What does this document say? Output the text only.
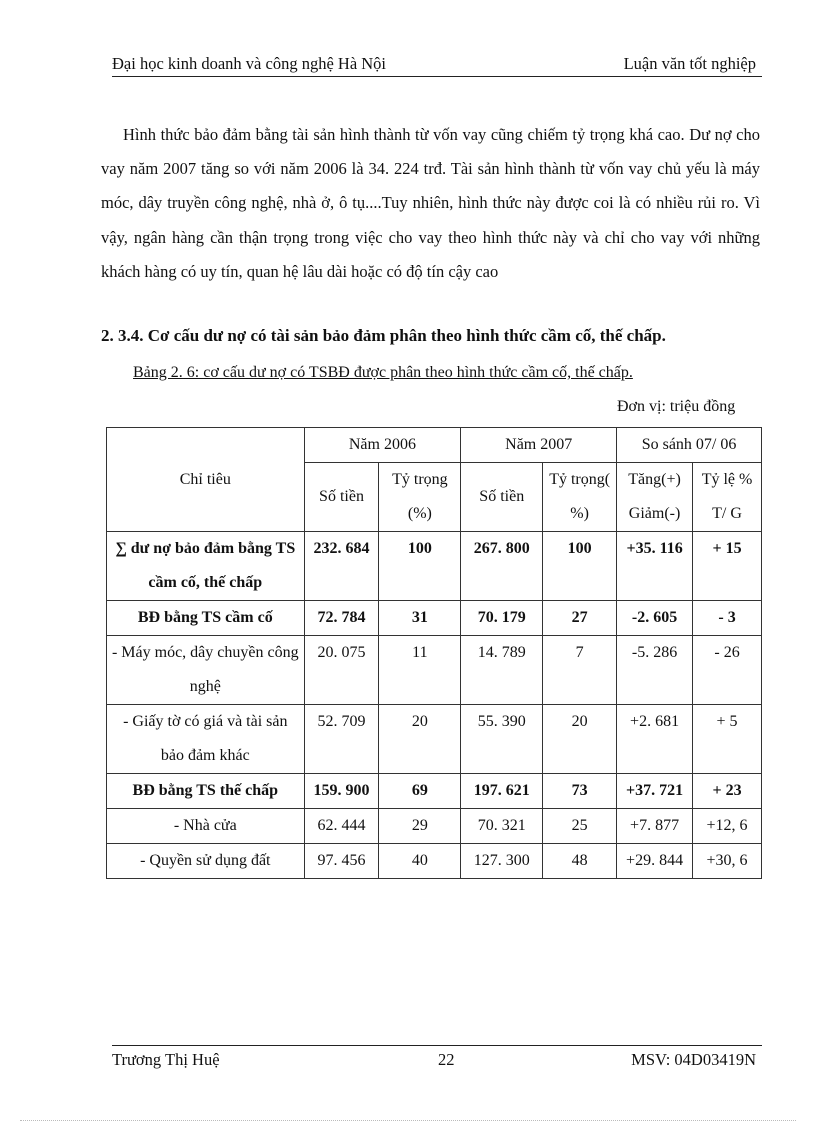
Đại học kinh doanh và công nghệ Hà Nội	Luận văn tốt nghiệp

Hình thức bảo đảm bằng tài sản hình thành từ vốn vay cũng chiếm tỷ trọng khá cao. Dư nợ cho vay năm 2007 tăng so với năm 2006 là 34. 224 trđ. Tài sản hình thành từ vốn vay chủ yếu là máy móc, dây truyền công nghệ, nhà ở, ô tụ....Tuy nhiên, hình thức này được coi là có nhiều rủi ro. Vì vậy, ngân hàng cần thận trọng trong việc cho vay theo hình thức này và chỉ cho vay với những khách hàng có uy tín, quan hệ lâu dài hoặc có độ tín cậy cao

2. 3.4. Cơ cấu dư nợ có tài sản bảo đảm phân theo hình thức cầm cố, thế chấp.

Bảng 2. 6: cơ cấu dư nợ có TSBĐ được phân theo hình thức cầm cố, thế chấp.
Đơn vị: triệu đồng
Chỉ tiêu	Năm 2006		Năm 2007		So sánh 07/ 06	
	Số tiền	Tỷ trọng (%)	Số tiền	Tỷ trọng( %)	Tăng(+) Giảm(-)	Tỷ lệ % T/ G
∑ dư nợ bảo đảm bằng TS cầm cố, thế chấp	232. 684	100	267. 800	100	+35. 116	+ 15
BĐ bằng TS cầm cố	72. 784	31	70. 179	27	-2. 605	- 3
- Máy móc, dây chuyền công nghệ	20. 075	11	14. 789	7	-5. 286	- 26
- Giấy tờ có giá và tài sản bảo đảm khác	52. 709	20	55. 390	20	+2. 681	+ 5
BĐ bằng TS thế chấp	159. 900	69	197. 621	73	+37. 721	+ 23
- Nhà cửa	62. 444	29	70. 321	25	+7. 877	+12, 6
- Quyền sử dụng đất	97. 456	40	127. 300	48	+29. 844	+30, 6
Trương Thị Huệ	22	MSV: 04D03419N
